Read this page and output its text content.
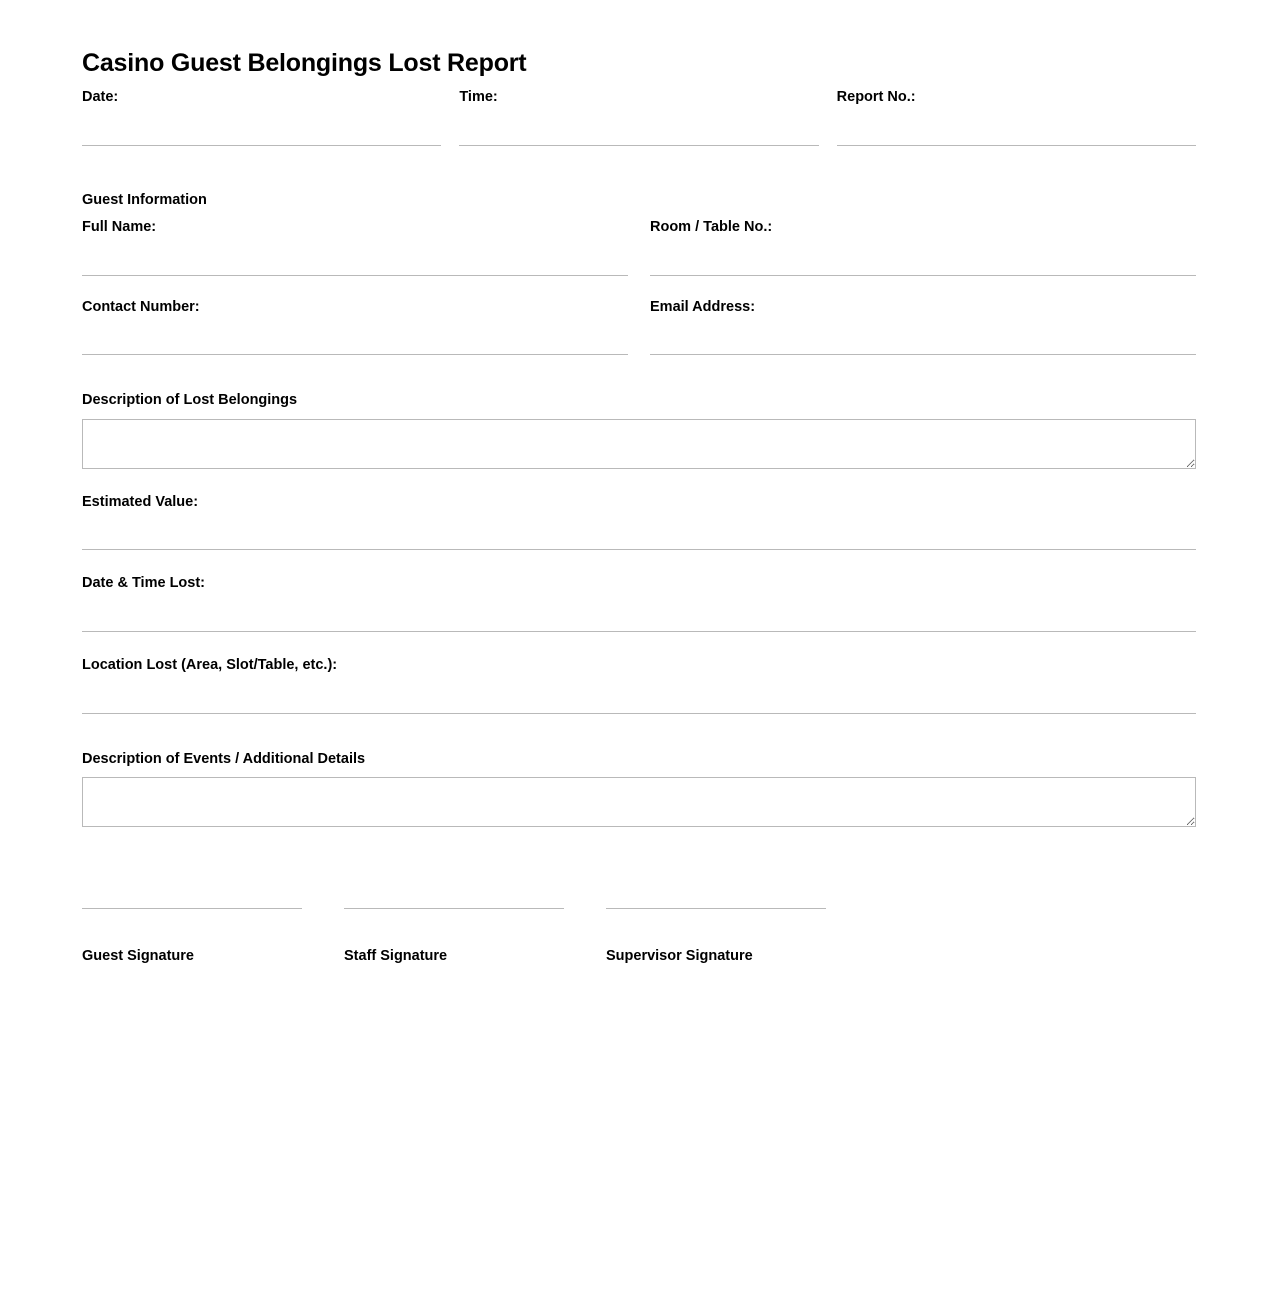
Casino Guest Belongings Lost Report
Date:	Time:	Report No.:
Guest Information
Full Name:	Room / Table No.:
Contact Number:	Email Address:
Description of Lost Belongings
Estimated Value:
Date & Time Lost:
Location Lost (Area, Slot/Table, etc.):
Description of Events / Additional Details
Guest Signature	Staff Signature	Supervisor Signature
